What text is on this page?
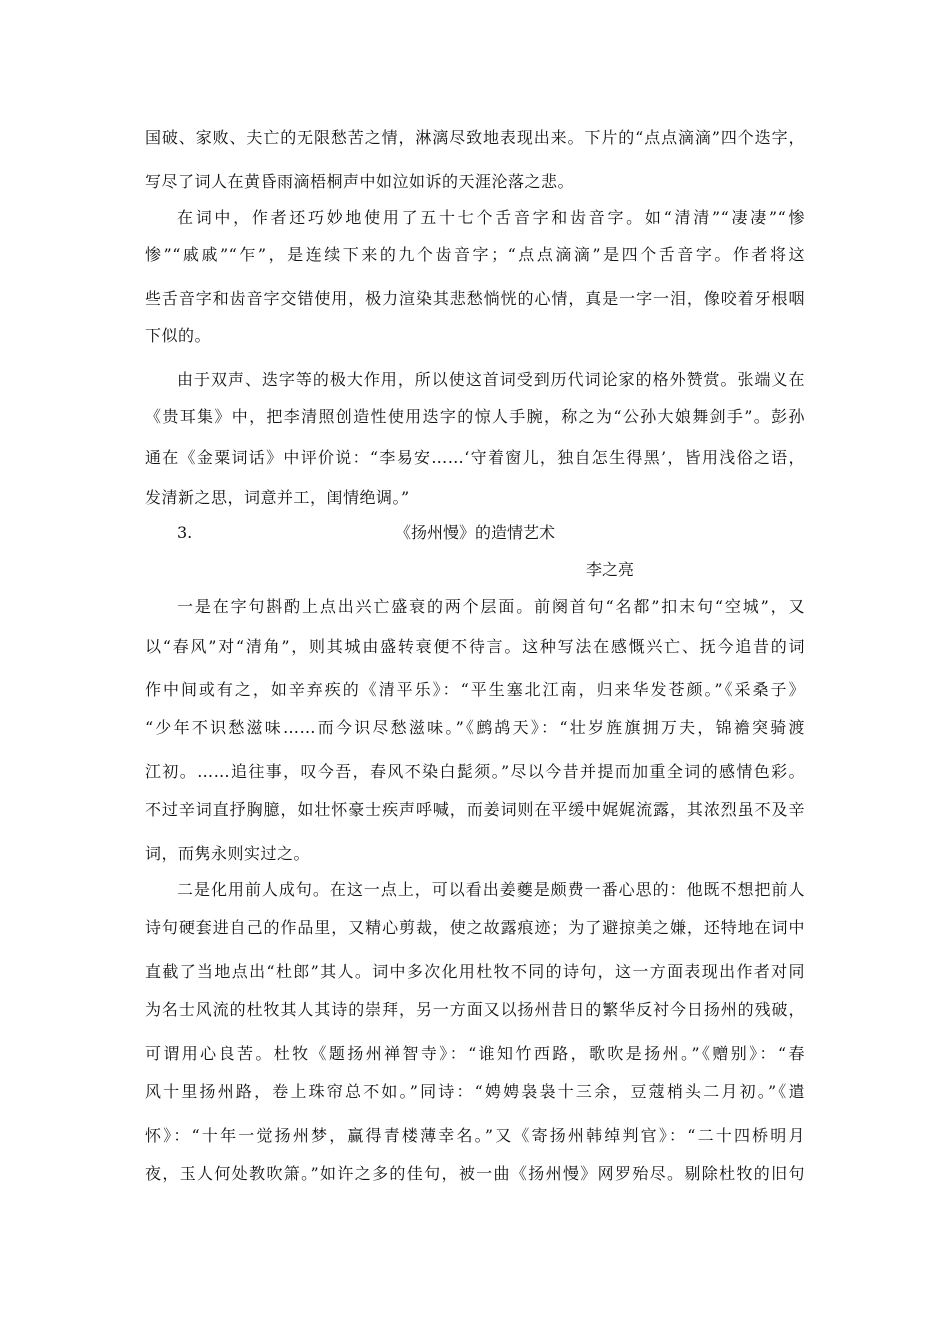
国破、家败、夫亡的无限愁苦之情，淋漓尽致地表现出来。下片的“点点滴滴”四个迭字，
写尽了词人在黄昏雨滴梧桐声中如泣如诉的天涯沦落之悲。
在词中，作者还巧妙地使用了五十七个舌音字和齿音字。如“清清”“凄凄”“惨
惨”“戚戚”“乍”，是连续下来的九个齿音字；“点点滴滴”是四个舌音字。作者将这
些舌音字和齿音字交错使用，极力渲染其悲愁惝恍的心情，真是一字一泪，像咬着牙根咽
下似的。
由于双声、迭字等的极大作用，所以使这首词受到历代词论家的格外赞赏。张端义在
《贵耳集》中，把李清照创造性使用迭字的惊人手腕，称之为“公孙大娘舞剑手”。彭孙
通在《金粟词话》中评价说：“李易安……‘守着窗儿，独自怎生得黑’，皆用浅俗之语，
发清新之思，词意并工，闺情绝调。”
3.	《扬州慢》的造情艺术
李之亮
一是在字句斟酌上点出兴亡盛衰的两个层面。前阕首句“名都”扣末句“空城”，又
以“春风”对“清角”，则其城由盛转衰便不待言。这种写法在感慨兴亡、抚今追昔的词
作中间或有之，如辛弃疾的《清平乐》：“平生塞北江南，归来华发苍颜。”《采桑子》
“少年不识愁滋味……而今识尽愁滋味。”《鹧鸪天》：“壮岁旌旗拥万夫，锦襜突骑渡
江初。……追往事，叹今吾，春风不染白髭须。”尽以今昔并提而加重全词的感情色彩。
不过辛词直抒胸臆，如壮怀豪士疾声呼喊，而姜词则在平缓中娓娓流露，其浓烈虽不及辛
词，而隽永则实过之。
二是化用前人成句。在这一点上，可以看出姜夔是颇费一番心思的：他既不想把前人
诗句硬套进自己的作品里，又精心剪裁，使之故露痕迹；为了避掠美之嫌，还特地在词中
直截了当地点出“杜郎”其人。词中多次化用杜牧不同的诗句，这一方面表现出作者对同
为名士风流的杜牧其人其诗的崇拜，另一方面又以扬州昔日的繁华反衬今日扬州的残破，
可谓用心良苦。杜牧《题扬州禅智寺》：“谁知竹西路，歌吹是扬州。”《赠别》：“春
风十里扬州路，卷上珠帘总不如。”同诗：“娉娉袅袅十三余，豆蔻梢头二月初。”《遣
怀》：“十年一觉扬州梦，赢得青楼薄幸名。”又《寄扬州韩绰判官》：“二十四桥明月
夜，玉人何处教吹箫。”如许之多的佳句，被一曲《扬州慢》网罗殆尽。剔除杜牧的旧句
